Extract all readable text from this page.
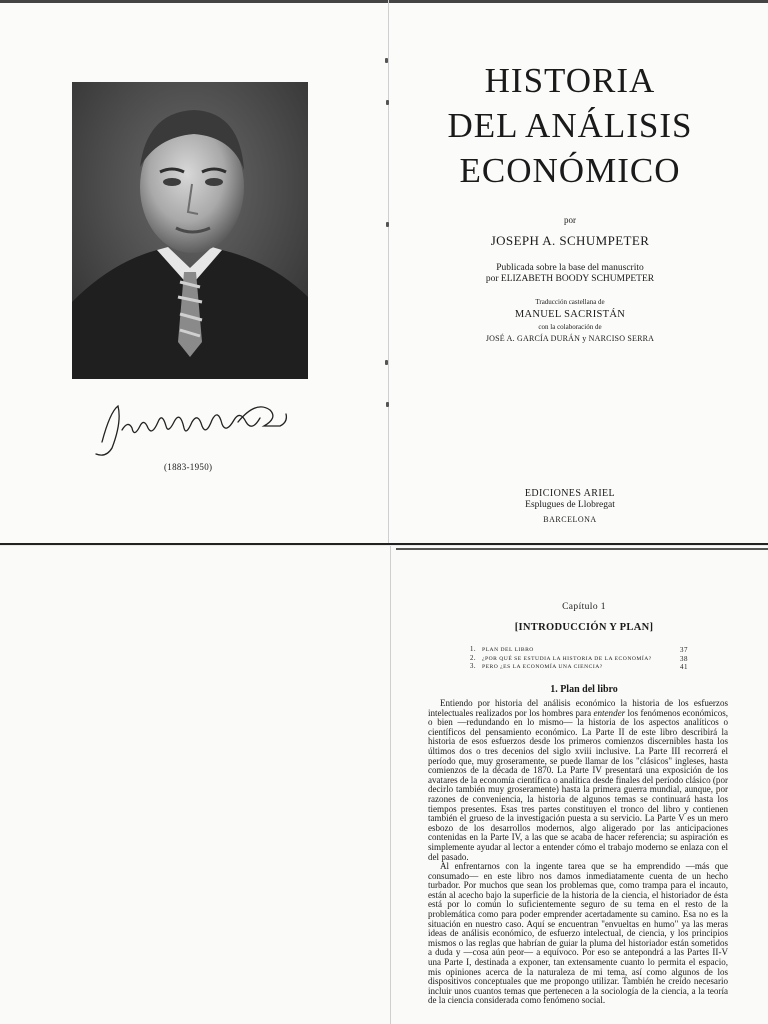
(1883-1950)
HISTORIA
DEL ANÁLISIS
ECONÓMICO
por
JOSEPH A. SCHUMPETER
Publicada sobre la base del manuscrito
por ELIZABETH BOODY SCHUMPETER
Traducción castellana de
MANUEL SACRISTÁN
con la colaboración de
JOSÉ A. GARCÍA DURÁN y NARCISO SERRA
EDICIONES ARIEL
Esplugues de Llobregat
BARCELONA
Capítulo 1
[INTRODUCCIÓN Y PLAN]
1.	PLAN DEL LIBRO	37
2.	¿POR QUÉ SE ESTUDIA LA HISTORIA DE LA ECONOMÍA?	38
3.	PERO ¿ES LA ECONOMÍA UNA CIENCIA?	41
1. Plan del libro

Entiendo por historia del análisis económico la historia de los esfuerzos intelectuales realizados por los hombres para entender los fenómenos económicos, o bien —redundando en lo mismo— la historia de los aspectos analíticos o científicos del pensamiento económico. La Parte II de este libro describirá la historia de esos esfuerzos desde los primeros comienzos discernibles hasta los últimos dos o tres decenios del siglo xviii inclusive. La Parte III recorrerá el período que, muy groseramente, se puede llamar de los "clásicos" ingleses, hasta comienzos de la década de 1870. La Parte IV presentará una exposición de los avatares de la economía científica o analítica desde finales del período clásico (por decirlo también muy groseramente) hasta la primera guerra mundial, aunque, por razones de conveniencia, la historia de algunos temas se continuará hasta los tiempos presentes. Esas tres partes constituyen el tronco del libro y contienen también el grueso de la investigación puesta a su servicio. La Parte V es un mero esbozo de los desarrollos modernos, algo aligerado por las anticipaciones contenidas en la Parte IV, a las que se acaba de hacer referencia; su aspiración es simplemente ayudar al lector a entender cómo el trabajo moderno se enlaza con el del pasado.

Al enfrentarnos con la ingente tarea que se ha emprendido —más que consumado— en este libro nos damos inmediatamente cuenta de un hecho turbador. Por muchos que sean los problemas que, como trampa para el incauto, están al acecho bajo la superficie de la historia de la ciencia, el historiador de ésta está por lo común lo suficientemente seguro de su tema en el resto de la problemática como para poder emprender acertadamente su camino. Esa no es la situación en nuestro caso. Aquí se encuentran "envueltas en humo" ya las meras ideas de análisis económico, de esfuerzo intelectual, de ciencia, y los principios mismos o las reglas que habrían de guiar la pluma del historiador están sometidos a duda y —cosa aún peor— a equívoco. Por eso se antepondrá a las Partes II-V una Parte I, destinada a exponer, tan extensamente cuanto lo permita el espacio, mis opiniones acerca de la naturaleza de mi tema, así como algunos de los dispositivos conceptuales que me propongo utilizar. También he creído necesario incluir unos cuantos temas que pertenecen a la sociología de la ciencia, a la teoría de la ciencia considerada como fenómeno social.
